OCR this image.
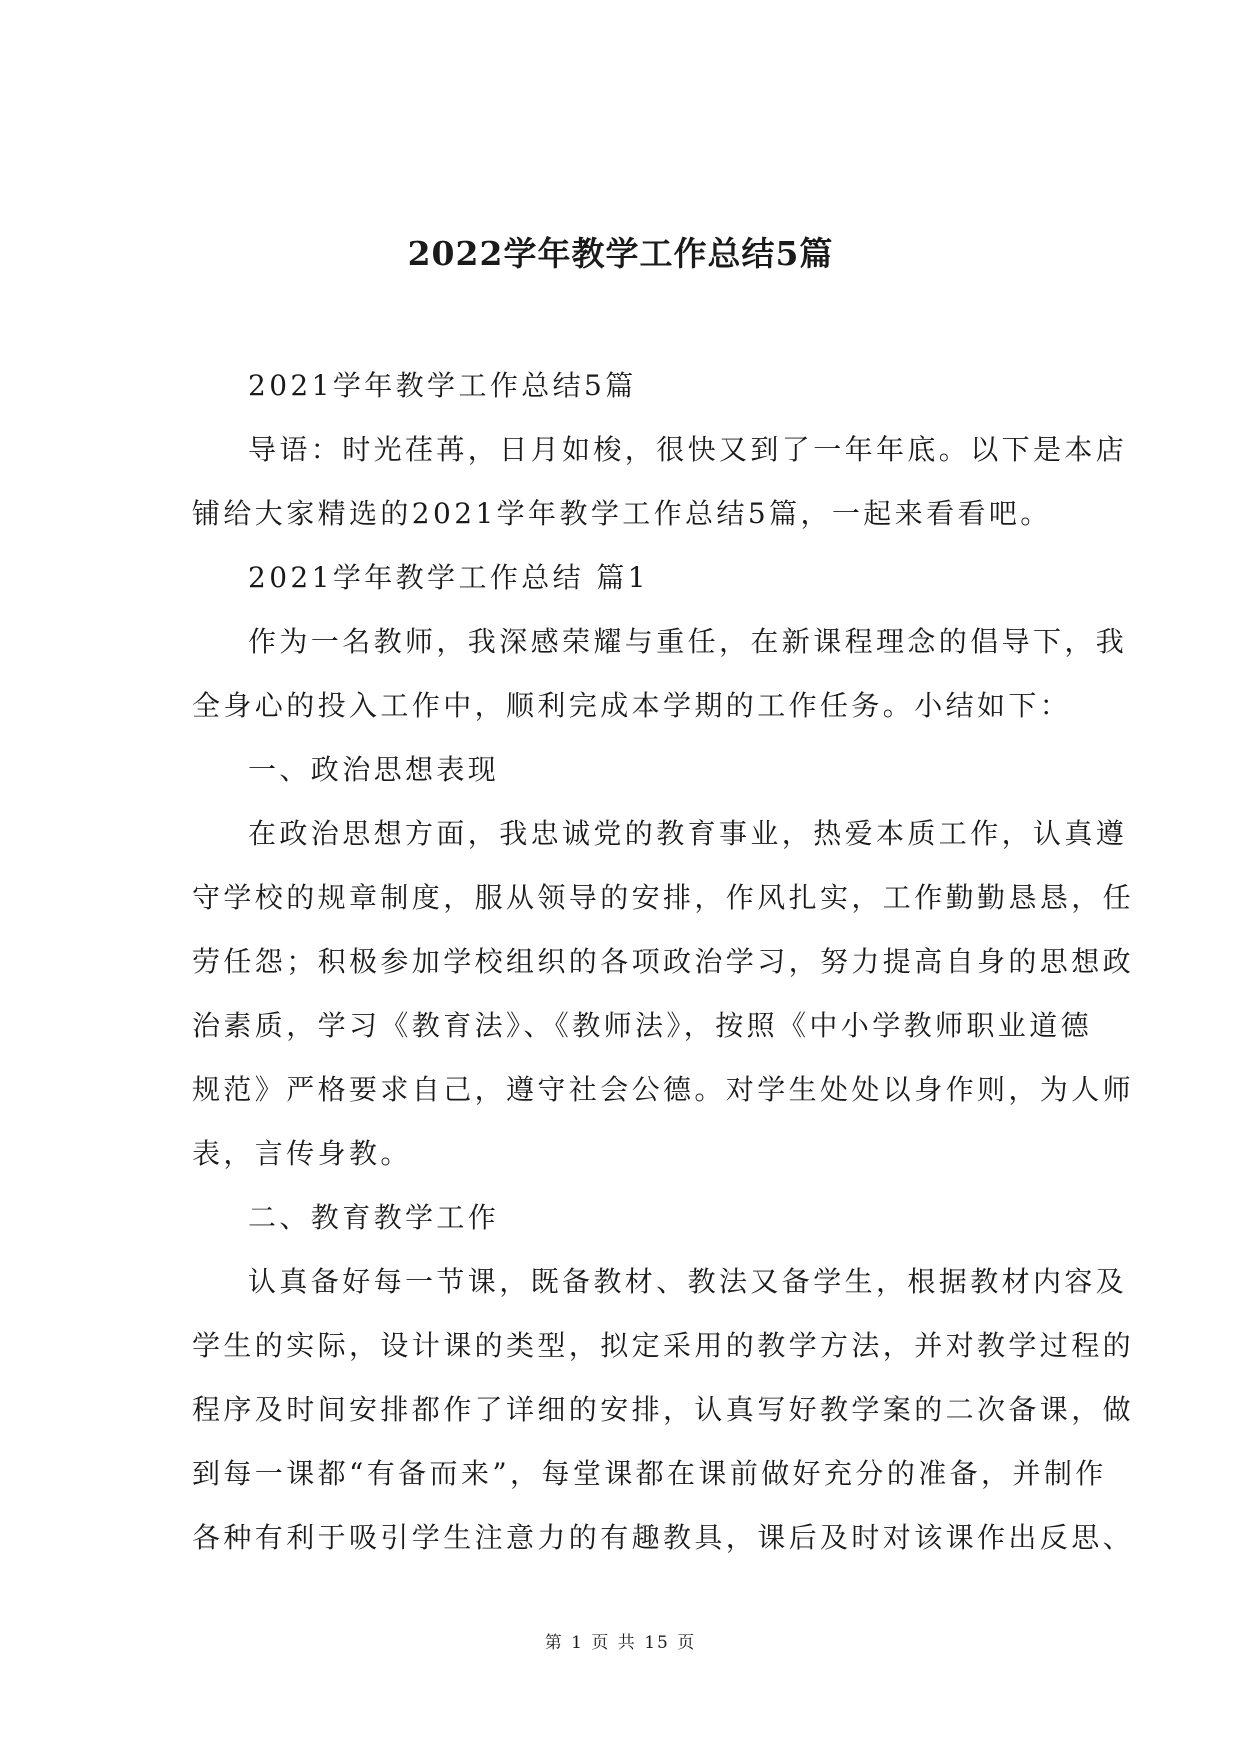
2022学年教学工作总结5篇
2021学年教学工作总结5篇
导语：时光荏苒，日月如梭，很快又到了一年年底。以下是本店
铺给大家精选的2021学年教学工作总结5篇，一起来看看吧。
2021学年教学工作总结 篇1
作为一名教师，我深感荣耀与重任，在新课程理念的倡导下，我
全身心的投入工作中，顺利完成本学期的工作任务。小结如下：
一、政治思想表现
在政治思想方面，我忠诚党的教育事业，热爱本质工作，认真遵
守学校的规章制度，服从领导的安排，作风扎实，工作勤勤恳恳，任
劳任怨；积极参加学校组织的各项政治学习，努力提高自身的思想政
治素质，学习《教育法》、《教师法》，按照《中小学教师职业道德
规范》严格要求自己，遵守社会公德。对学生处处以身作则，为人师
表，言传身教。
二、教育教学工作
认真备好每一节课，既备教材、教法又备学生，根据教材内容及
学生的实际，设计课的类型，拟定采用的教学方法，并对教学过程的
程序及时间安排都作了详细的安排，认真写好教学案的二次备课，做
到每一课都“有备而来”，每堂课都在课前做好充分的准备，并制作
各种有利于吸引学生注意力的有趣教具，课后及时对该课作出反思、
第 1 页 共 15 页
